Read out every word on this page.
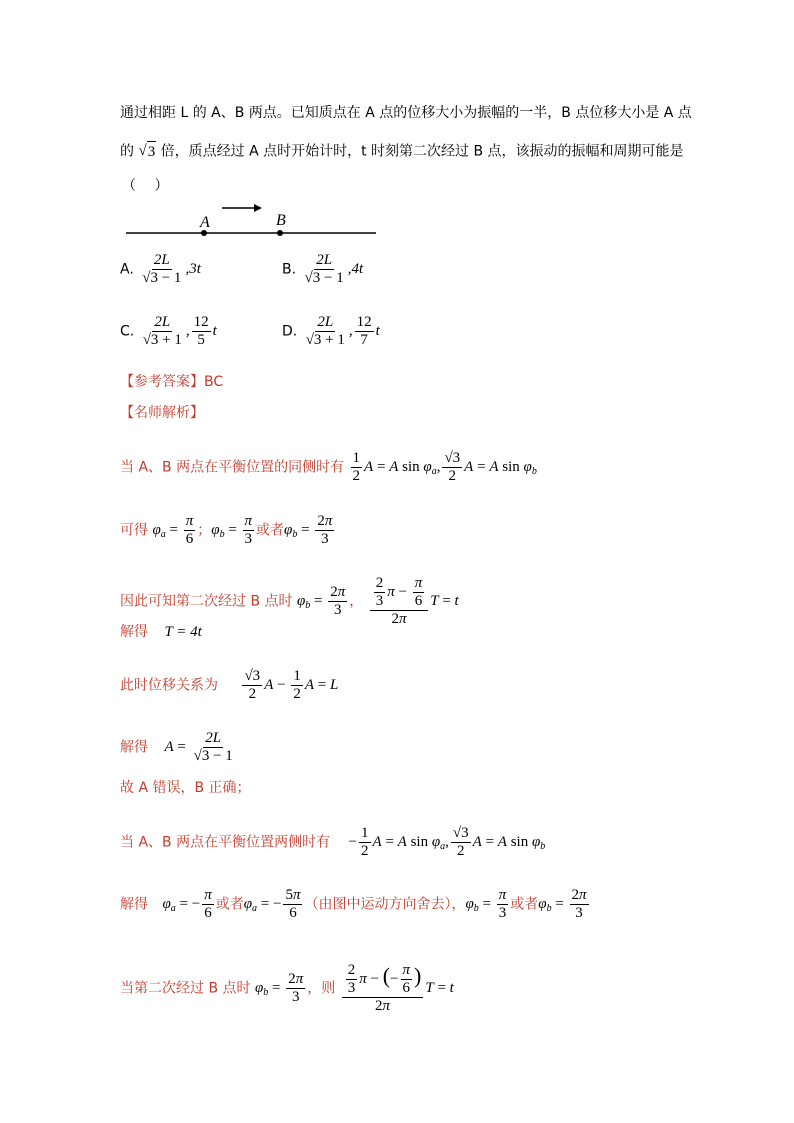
通过相距 L 的 A、B 两点。已知质点在 A 点的位移大小为振幅的一半，B 点位移大小是 A 点
的 √ 3 倍，质点经过 A 点时开始计时，t 时刻第二次经过 B 点，该振动的振幅和周期可能是
（　 ）
A	B
A. $\frac{2L}{√3 - 1} ,3t$	B. $\frac{2L}{√3 - 1} ,4t$
C. $\frac{2L}{√3 + 1}$ , $\frac{12}{5}$ t	D. $\frac{2L}{√3 + 1}$ , $\frac{12}{7}$ t
【参考答案】BC
【名师解析】
当 A、B 两点在平衡位置的同侧时有 $\frac{1}{2}$ A = A $\sin \varphi_a$, $\frac{√3}{2}$ A = A $\sin \varphi_b$
可得 $\varphi_a = \frac{\pi}{6}$ ；$\varphi_b = \frac{\pi}{3}$ 或者$\varphi_b = \frac{2\pi}{3}$
因此可知第二次经过 B 点时 $\varphi_b = \frac{2\pi}{3}$ ， $\frac{\frac{2}{3} \pi - \frac{\pi}{6}}{2\pi}$ T = t
解得 T = 4t
此时位移关系为 $\frac{√3}{2}$ $A - \frac{1}{2}$ A = L
解得 $A = \frac{2L}{√3 - 1}$
故 A 错误，B 正确；
当 A、B 两点在平衡位置两侧时有 − $\frac{1}{2}$ A = A $\sin \varphi_a$, $\frac{√3}{2}$ A = A $\sin \varphi_b$
解得 $\varphi_a$ = − $\frac{\pi}{6}$ 或者$\varphi_a$ = − $\frac{5\pi}{6}$ （由图中运动方向舍去），$\varphi_b = \frac{\pi}{3}$ 或者$\varphi_b = \frac{2\pi}{3}$
当第二次经过 B 点时 $\varphi_b = \frac{2\pi}{3}$ ，则 $\frac{\frac{2}{3} \pi - (- \frac{\pi}{6} )}{2\pi}$ T = t
